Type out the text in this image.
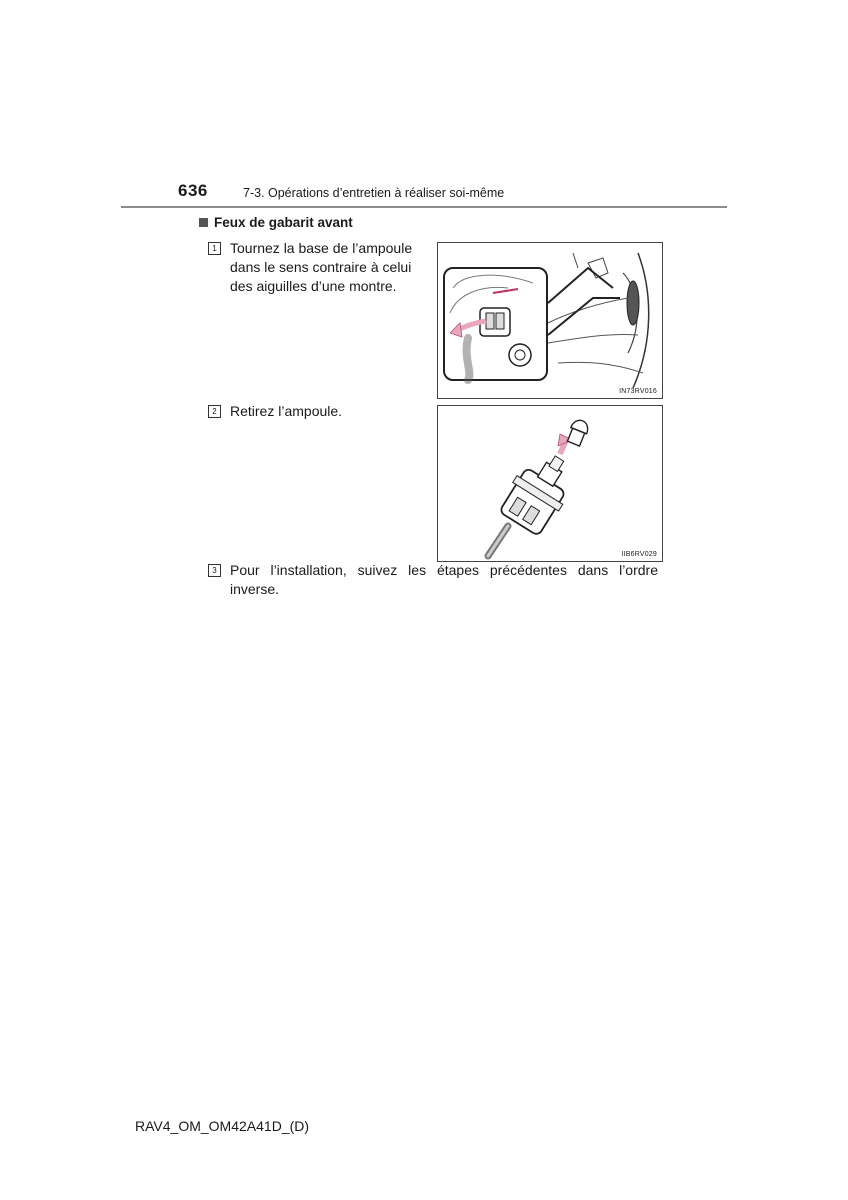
636	7-3. Opérations d’entretien à réaliser soi-même
Feux de gabarit avant
1 Tournez la base de l’ampoule dans le sens contraire à celui des aiguilles d’une montre.
IN73RV016
2 Retirez l’ampoule.
IIB6RV029
3 Pour l’installation, suivez les étapes précédentes dans l’ordre inverse.
RAV4_OM_OM42A41D_(D)
